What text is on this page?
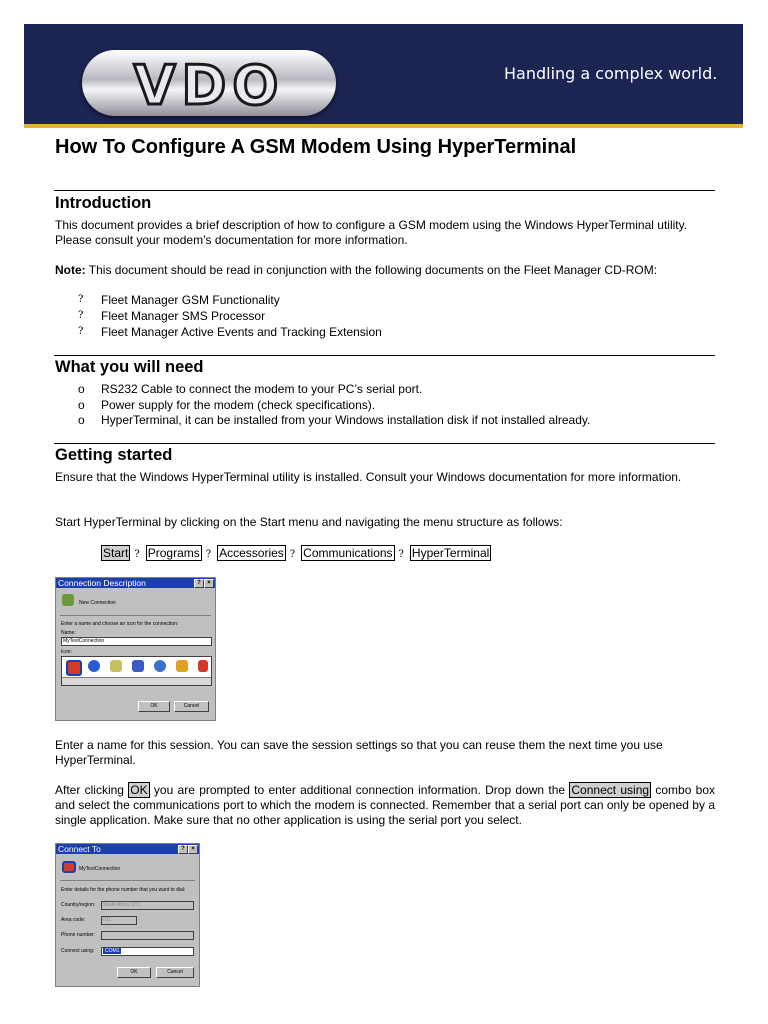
VDO	Handling a complex world.
How To Configure A GSM Modem Using HyperTerminal
Introduction
This document provides a brief description of how to configure a GSM modem using the Windows HyperTerminal utility. Please consult your modem’s documentation for more information.
Note: This document should be read in conjunction with the following documents on the Fleet Manager CD-ROM:
? Fleet Manager GSM Functionality
? Fleet Manager SMS Processor
? Fleet Manager Active Events and Tracking Extension
What you will need
o RS232 Cable to connect the modem to your PC’s serial port.
o Power supply for the modem (check specifications).
o HyperTerminal, it can be installed from your Windows installation disk if not installed already.
Getting started
Ensure that the Windows HyperTerminal utility is installed. Consult your Windows documentation for more information.
Start HyperTerminal by clicking on the Start menu and navigating the menu structure as follows:
Start ? Programs ? Accessories ? Communications ? HyperTerminal
Connection Description	?	×
New Connection
Enter a name and choose an icon for the connection:
Name:
MyTestConnection
Icon:
OK	Cancel
Enter a name for this session. You can save the session settings so that you can reuse them the next time you use HyperTerminal.
After clicking OK you are prompted to enter additional connection information. Drop down the Connect using combo box and select the communications port to which the modem is connected. Remember that a serial port can only be opened by a single application. Make sure that no other application is using the serial port you select.
Connect To	?	×
MyTestConnection
Enter details for the phone number that you want to dial:
Country/region:	South Africa (27)
Area code:	011
Phone number:
Connect using:	COM1
OK	Cancel
